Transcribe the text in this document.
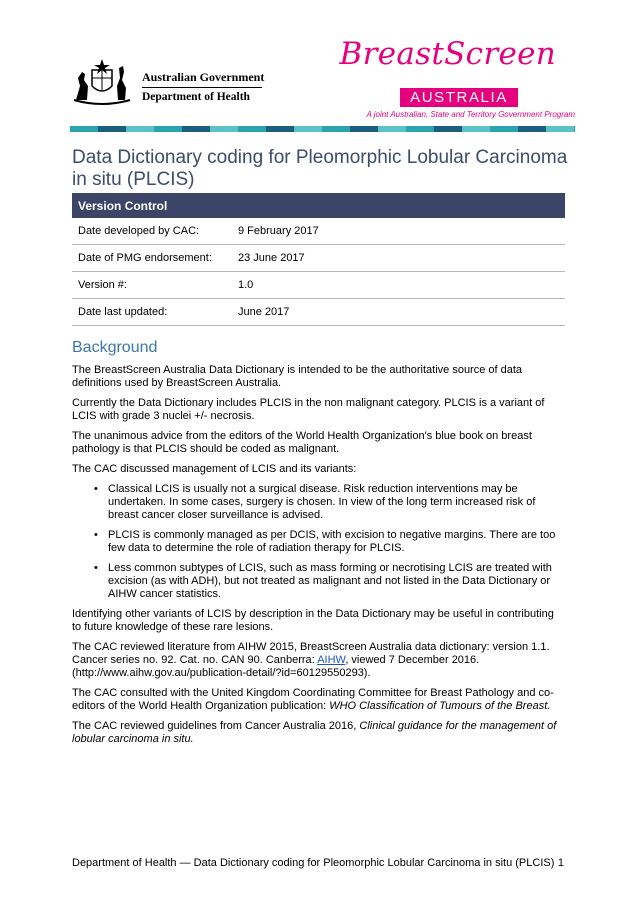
Australian Government
Department of Health
BreastScreen
AUSTRALIA
A joint Australian, State and Territory Government Program
Data Dictionary coding for Pleomorphic Lobular Carcinoma in situ (PLCIS)
Version Control	
Date developed by CAC:	9 February 2017
Date of PMG endorsement:	23 June 2017
Version #:	1.0
Date last updated:	June 2017
Background

The BreastScreen Australia Data Dictionary is intended to be the authoritative source of data definitions used by BreastScreen Australia.

Currently the Data Dictionary includes PLCIS in the non malignant category. PLCIS is a variant of LCIS with grade 3 nuclei +/- necrosis.

The unanimous advice from the editors of the World Health Organization's blue book on breast pathology is that PLCIS should be coded as malignant.

The CAC discussed management of LCIS and its variants:

• Classical LCIS is usually not a surgical disease. Risk reduction interventions may be undertaken. In some cases, surgery is chosen. In view of the long term increased risk of breast cancer closer surveillance is advised.
• PLCIS is commonly managed as per DCIS, with excision to negative margins. There are too few data to determine the role of radiation therapy for PLCIS.
• Less common subtypes of LCIS, such as mass forming or necrotising LCIS are treated with excision (as with ADH), but not treated as malignant and not listed in the Data Dictionary or AIHW cancer statistics.

Identifying other variants of LCIS by description in the Data Dictionary may be useful in contributing to future knowledge of these rare lesions.

The CAC reviewed literature from AIHW 2015, BreastScreen Australia data dictionary: version 1.1. Cancer series no. 92. Cat. no. CAN 90. Canberra: AIHW, viewed 7 December 2016. (http://www.aihw.gov.au/publication-detail/?id=60129550293).

The CAC consulted with the United Kingdom Coordinating Committee for Breast Pathology and co-editors of the World Health Organization publication: WHO Classification of Tumours of the Breast.

The CAC reviewed guidelines from Cancer Australia 2016, Clinical guidance for the management of lobular carcinoma in situ.

Department of Health — Data Dictionary coding for Pleomorphic Lobular Carcinoma in situ (PLCIS) 1
